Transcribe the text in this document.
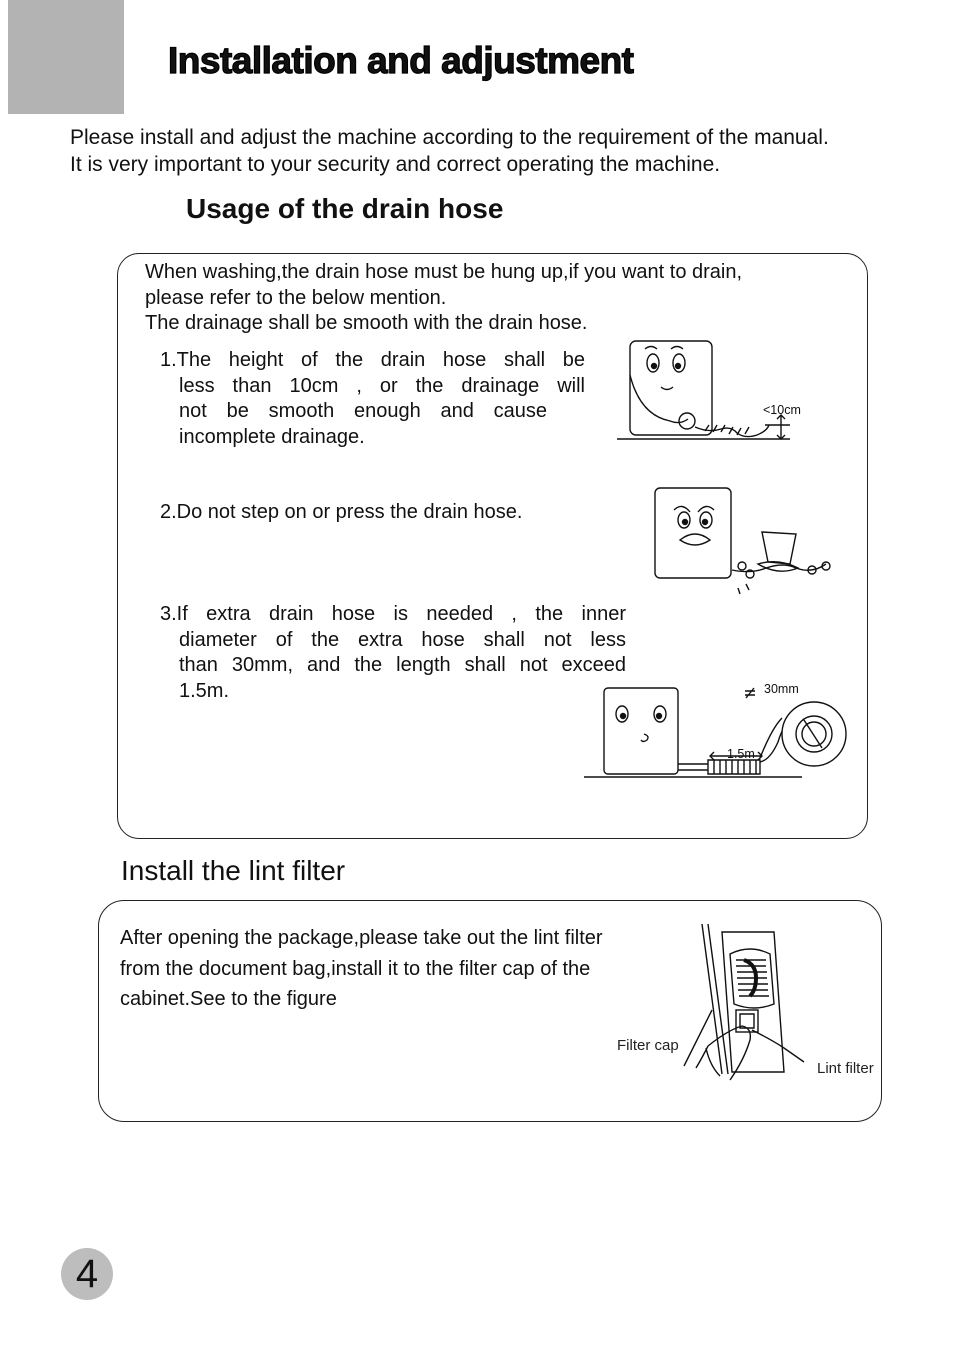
Installation and adjustment

Please install and adjust the machine according to the requirement of the manual.

It is very important to your security and correct operating the machine.

Usage of the drain hose

When washing,the drain hose must be hung up,if you want to drain,

please refer to the below mention.

The drainage shall be smooth with the drain hose.

1.The height of the drain hose shall be

less than 10cm , or the drainage will

not be smooth enough and cause

incomplete drainage.

2.Do not step on or press the drain hose.

3.If extra drain hose is needed , the inner

diameter of the extra hose shall not less

than 30mm, and the length shall not exceed

1.5m.

<10cm
30mm
1.5m
Install the lint filter

After opening the package,please take out the lint filter

from the document bag,install it to the filter cap of the

cabinet.See to the figure

Filter cap
Lint filter
4
